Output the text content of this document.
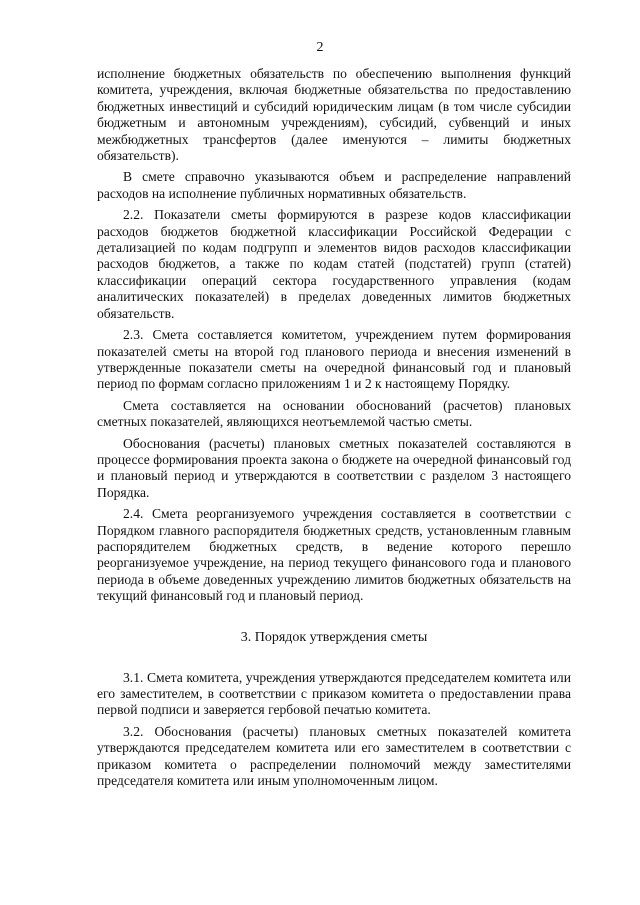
2

исполнение бюджетных обязательств по обеспечению выполнения функций комитета, учреждения, включая бюджетные обязательства по предоставлению бюджетных инвестиций и субсидий юридическим лицам (в том числе субсидии бюджетным и автономным учреждениям), субсидий, субвенций и иных межбюджетных трансфертов (далее именуются – лимиты бюджетных обязательств).

В смете справочно указываются объем и распределение направлений расходов на исполнение публичных нормативных обязательств.

2.2. Показатели сметы формируются в разрезе кодов классификации расходов бюджетов бюджетной классификации Российской Федерации с детализацией по кодам подгрупп и элементов видов расходов классификации расходов бюджетов, а также по кодам статей (подстатей) групп (статей) классификации операций сектора государственного управления (кодам аналитических показателей) в пределах доведенных лимитов бюджетных обязательств.

2.3. Смета составляется комитетом, учреждением путем формирования показателей сметы на второй год планового периода и внесения изменений в утвержденные показатели сметы на очередной финансовый год и плановый период по формам согласно приложениям 1 и 2 к настоящему Порядку.

Смета составляется на основании обоснований (расчетов) плановых сметных показателей, являющихся неотъемлемой частью сметы.

Обоснования (расчеты) плановых сметных показателей составляются в процессе формирования проекта закона о бюджете на очередной финансовый год и плановый период и утверждаются в соответствии с разделом 3 настоящего Порядка.

2.4. Смета реорганизуемого учреждения составляется в соответствии с Порядком главного распорядителя бюджетных средств, установленным главным распорядителем бюджетных средств, в ведение которого перешло реорганизуемое учреждение, на период текущего финансового года и планового периода в объеме доведенных учреждению лимитов бюджетных обязательств на текущий финансовый год и плановый период.

3. Порядок утверждения сметы

3.1. Смета комитета, учреждения утверждаются председателем комитета или его заместителем, в соответствии с приказом комитета о предоставлении права первой подписи и заверяется гербовой печатью комитета.

3.2. Обоснования (расчеты) плановых сметных показателей комитета утверждаются председателем комитета или его заместителем в соответствии с приказом комитета о распределении полномочий между заместителями председателя комитета или иным уполномоченным лицом.
